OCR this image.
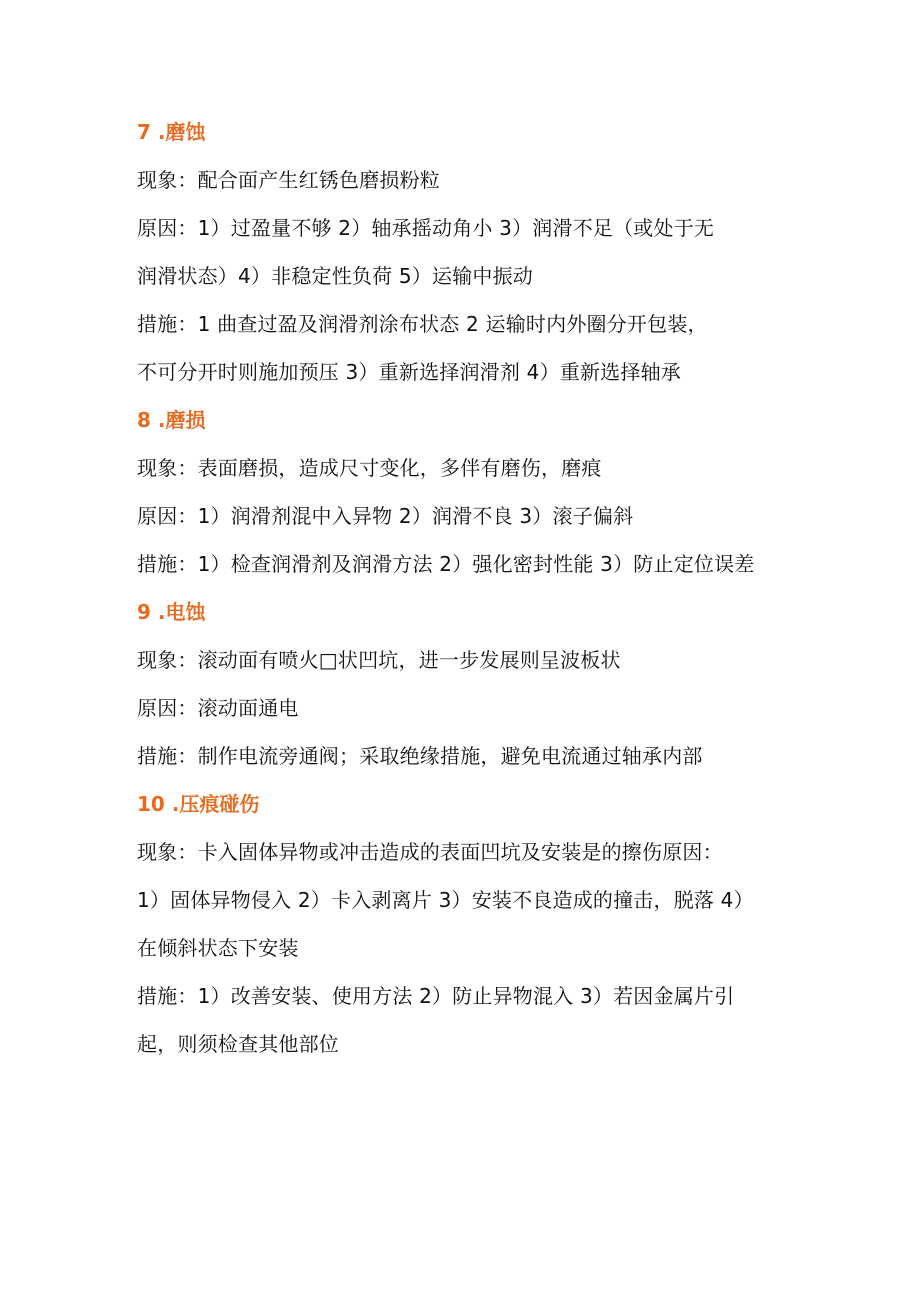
7 .磨蚀
现象：配合面产生红锈色磨损粉粒
原因：1）过盈量不够 2）轴承摇动角小 3）润滑不足（或处于无
润滑状态）4）非稳定性负荷 5）运输中振动
措施：1 曲查过盈及润滑剂涂布状态 2 运输时内外圈分开包装，
不可分开时则施加预压 3）重新选择润滑剂 4）重新选择轴承
8 .磨损
现象：表面磨损，造成尺寸变化，多伴有磨伤，磨痕
原因：1）润滑剂混中入异物 2）润滑不良 3）滚子偏斜
措施：1）检查润滑剂及润滑方法 2）强化密封性能 3）防止定位误差
9 .电蚀
现象：滚动面有喷火□状凹坑，进一步发展则呈波板状
原因：滚动面通电
措施：制作电流旁通阀；采取绝缘措施，避免电流通过轴承内部
10 .压痕碰伤
现象：卡入固体异物或冲击造成的表面凹坑及安装是的擦伤原因：
1）固体异物侵入 2）卡入剥离片 3）安装不良造成的撞击，脱落 4）
在倾斜状态下安装
措施：1）改善安装、使用方法 2）防止异物混入 3）若因金属片引
起，则须检查其他部位
